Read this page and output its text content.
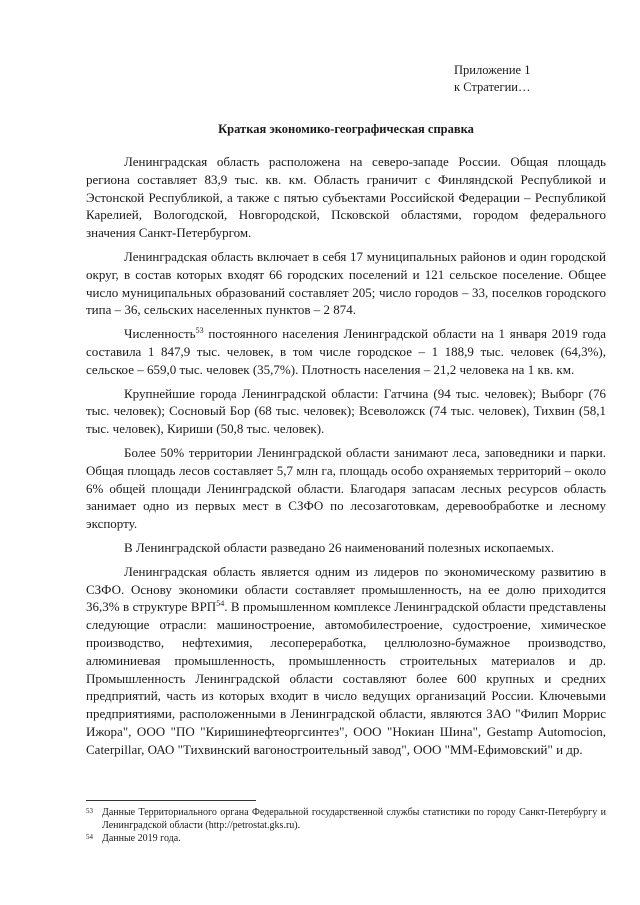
Приложение 1
к Стратегии…
Краткая экономико-географическая справка

Ленинградская область расположена на северо-западе России. Общая площадь региона составляет 83,9 тыс. кв. км. Область граничит с Финляндской Республикой и Эстонской Республикой, а также с пятью субъектами Российской Федерации – Республикой Карелией, Вологодской, Новгородской, Псковской областями, городом федерального значения Санкт-Петербургом.

Ленинградская область включает в себя 17 муниципальных районов и один городской округ, в состав которых входят 66 городских поселений и 121 сельское поселение. Общее число муниципальных образований составляет 205; число городов – 33, поселков городского типа – 36, сельских населенных пунктов – 2 874.

Численность$^{53}$ постоянного населения Ленинградской области на 1 января 2019 года составила 1 847,9 тыс. человек, в том числе городское – 1 188,9 тыс. человек (64,3%), сельское – 659,0 тыс. человек (35,7%). Плотность населения – 21,2 человека на 1 кв. км.

Крупнейшие города Ленинградской области: Гатчина (94 тыс. человек); Выборг (76 тыс. человек); Сосновый Бор (68 тыс. человек); Всеволожск (74 тыс. человек), Тихвин (58,1 тыс. человек), Кириши (50,8 тыс. человек).

Более 50% территории Ленинградской области занимают леса, заповедники и парки. Общая площадь лесов составляет 5,7 млн га, площадь особо охраняемых территорий – около 6% общей площади Ленинградской области. Благодаря запасам лесных ресурсов область занимает одно из первых мест в СЗФО по лесозаготовкам, деревообработке и лесному экспорту.

В Ленинградской области разведано 26 наименований полезных ископаемых.

Ленинградская область является одним из лидеров по экономическому развитию в СЗФО. Основу экономики области составляет промышленность, на ее долю приходится 36,3% в структуре ВРП$^{54}$. В промышленном комплексе Ленинградской области представлены следующие отрасли: машиностроение, автомобилестроение, судостроение, химическое производство, нефтехимия, лесопереработка, целлюлозно-бумажное производство, алюминиевая промышленность, промышленность строительных материалов и др. Промышленность Ленинградской области составляют более 600 крупных и средних предприятий, часть из которых входит в число ведущих организаций России. Ключевыми предприятиями, расположенными в Ленинградской области, являются ЗАО "Филип Моррис Ижора", ООО "ПО "Киришинефтеоргсинтез", ООО "Нокиан Шина", Gestamp Automocion, Caterpillar, ОАО "Тихвинский вагоностроительный завод", ООО "ММ-Ефимовский" и др.

53 Данные Территориального органа Федеральной государственной службы статистики по городу Санкт-Петербургу и Ленинградской области (http://petrostat.gks.ru).
54 Данные 2019 года.
